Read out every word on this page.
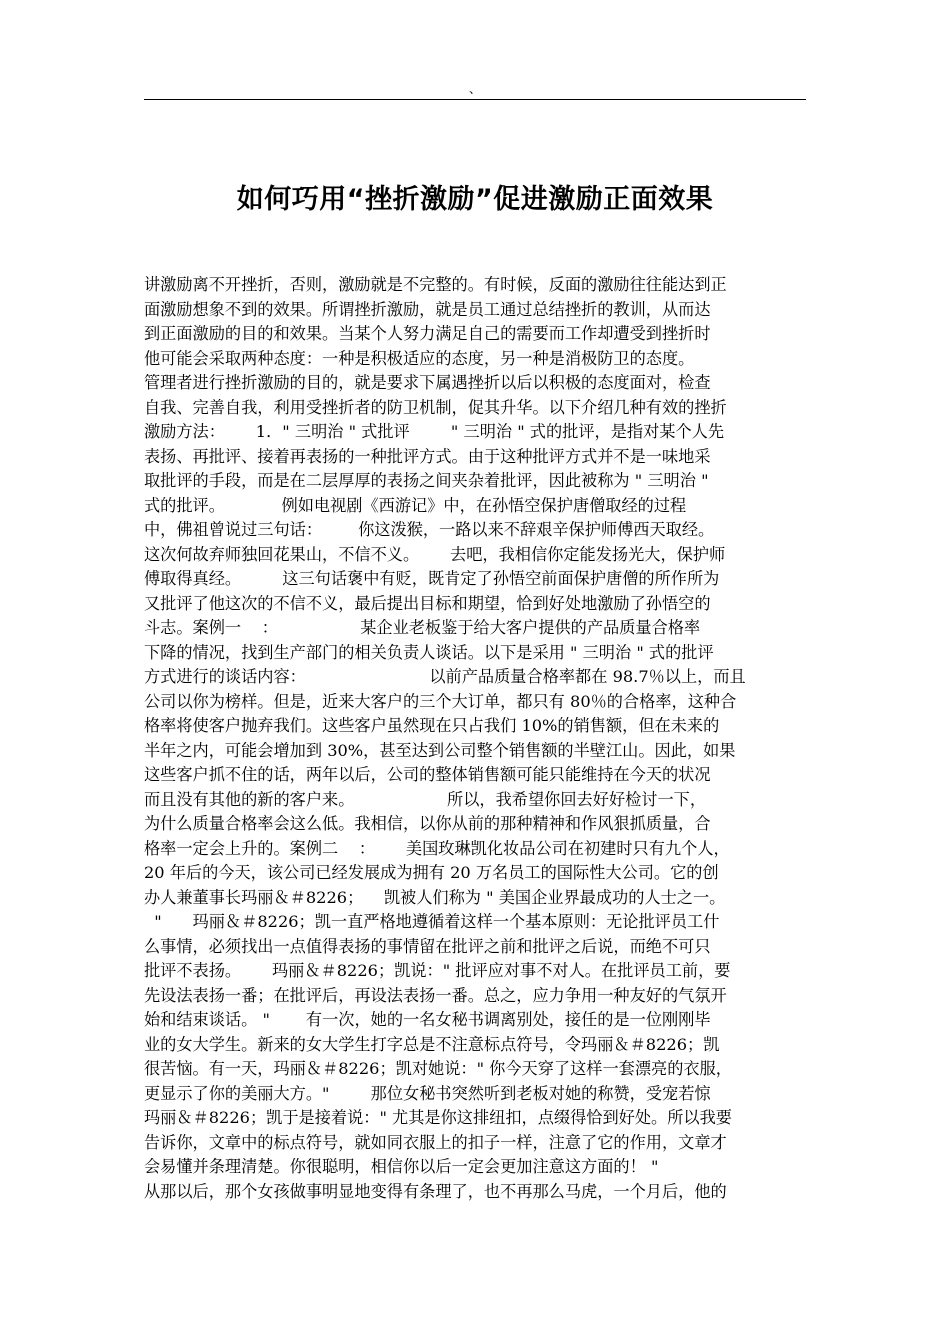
、
如何巧用“挫折激励”促进激励正面效果
讲激励离不开挫折，否则，激励就是不完整的。有时候，反面的激励往往能达到正
面激励想象不到的效果。所谓挫折激励，就是员工通过总结挫折的教训，从而达
到正面激励的目的和效果。当某个人努力满足自己的需要而工作却遭受到挫折时
他可能会采取两种态度：一种是积极适应的态度，另一种是消极防卫的态度。
管理者进行挫折激励的目的，就是要求下属遇挫折以后以积极的态度面对，检查
自我、完善自我，利用受挫折者的防卫机制，促其升华。以下介绍几种有效的挫折
激励方法：      1．" 三明治 " 式批评        " 三明治 " 式的批评，是指对某个人先
表扬、再批评、接着再表扬的一种批评方式。由于这种批评方式并不是一味地采
取批评的手段，而是在二层厚厚的表扬之间夹杂着批评，因此被称为 " 三明治 "
式的批评。           例如电视剧《西游记》中，在孙悟空保护唐僧取经的过程
中，佛祖曾说过三句话：       你这泼猴，一路以来不辞艰辛保护师傅西天取经。
这次何故弃师独回花果山，不信不义。      去吧，我相信你定能发扬光大，保护师
傅取得真经。        这三句话褒中有贬，既肯定了孙悟空前面保护唐僧的所作所为
又批评了他这次的不信不义，最后提出目标和期望，恰到好处地激励了孙悟空的
斗志。案例一    ：                某企业老板鉴于给大客户提供的产品质量合格率
下降的情况，找到生产部门的相关负责人谈话。以下是采用 " 三明治 " 式的批评
方式进行的谈话内容：                        以前产品质量合格率都在 98.7％以上，而且
公司以你为榜样。但是，近来大客户的三个大订单，都只有 80％的合格率，这种合
格率将使客户抛弃我们。这些客户虽然现在只占我们 10%的销售额，但在未来的
半年之内，可能会增加到 30%，甚至达到公司整个销售额的半壁江山。因此，如果
这些客户抓不住的话，两年以后，公司的整体销售额可能只能维持在今天的状况
而且没有其他的新的客户来。                  所以，我希望你回去好好检讨一下，
为什么质量合格率会这么低。我相信，以你从前的那种精神和作风狠抓质量，合
格率一定会上升的。案例二    ：      美国玫琳凯化妆品公司在初建时只有九个人，
20 年后的今天，该公司已经发展成为拥有 20 万名员工的国际性大公司。它的创
办人兼董事长玛丽＆＃8226；    凯被人们称为 " 美国企业界最成功的人士之一。
"      玛丽＆＃8226；凯一直严格地遵循着这样一个基本原则：无论批评员工什
么事情，必须找出一点值得表扬的事情留在批评之前和批评之后说，而绝不可只
批评不表扬。      玛丽＆＃8226；凯说：" 批评应对事不对人。在批评员工前，要
先设法表扬一番；在批评后，再设法表扬一番。总之，应力争用一种友好的气氛开
始和结束谈话。 "       有一次，她的一名女秘书调离别处，接任的是一位刚刚毕
业的女大学生。新来的女大学生打字总是不注意标点符号，令玛丽＆＃8226；凯
很苦恼。有一天，玛丽＆＃8226；凯对她说：" 你今天穿了这样一套漂亮的衣服，
更显示了你的美丽大方。"        那位女秘书突然听到老板对她的称赞，受宠若惊
玛丽＆＃8226；凯于是接着说：" 尤其是你这排纽扣，点缀得恰到好处。所以我要
告诉你，文章中的标点符号，就如同衣服上的扣子一样，注意了它的作用，文章才
会易懂并条理清楚。你很聪明，相信你以后一定会更加注意这方面的！ "
从那以后，那个女孩做事明显地变得有条理了，也不再那么马虎，一个月后，他的
